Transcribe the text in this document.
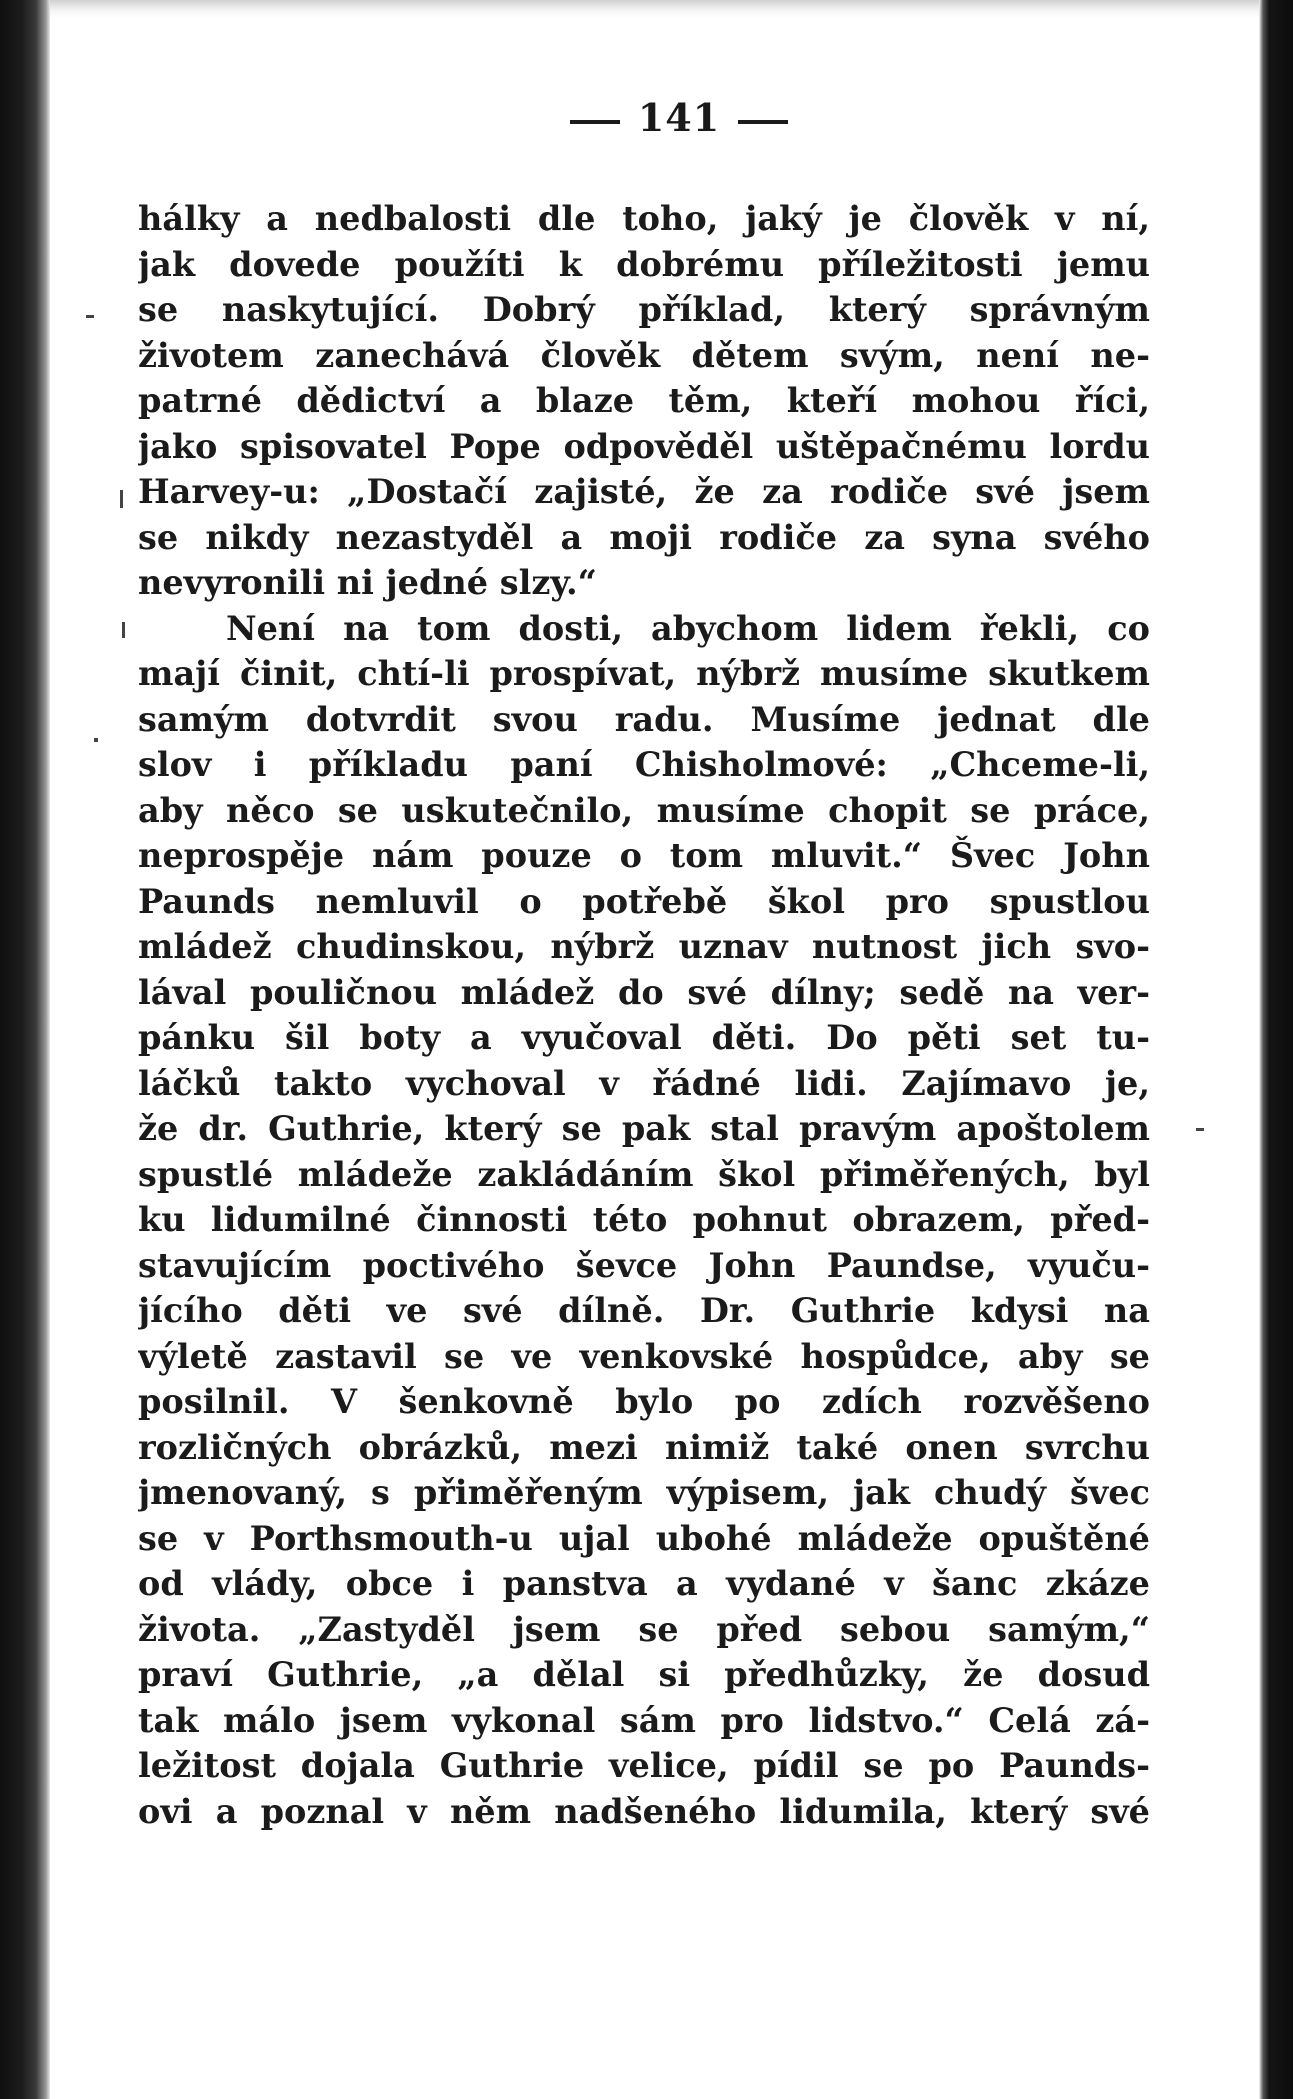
141
hálky a nedbalosti dle toho, jaký je člověk v ní,
jak dovede použíti k dobrému příležitosti jemu
se naskytující. Dobrý příklad, který správným
životem zanechává člověk dětem svým, není ne-
patrné dědictví a blaze těm, kteří mohou říci,
jako spisovatel Pope odpověděl uštěpačnému lordu
Harvey-u: „Dostačí zajisté, že za rodiče své jsem
se nikdy nezastyděl a moji rodiče za syna svého
nevyronili ni jedné slzy.“
Není na tom dosti, abychom lidem řekli, co
mají činit, chtí-li prospívat, nýbrž musíme skutkem
samým dotvrdit svou radu. Musíme jednat dle
slov i příkladu paní Chisholmové: „Chceme-li,
aby něco se uskutečnilo, musíme chopit se práce,
neprospěje nám pouze o tom mluvit.“ Švec John
Paunds nemluvil o potřebě škol pro spustlou
mládež chudinskou, nýbrž uznav nutnost jich svo-
lával pouličnou mládež do své dílny; sedě na ver-
pánku šil boty a vyučoval děti. Do pěti set tu-
láčků takto vychoval v řádné lidi. Zajímavo je,
že dr. Guthrie, který se pak stal pravým apoštolem
spustlé mládeže zakládáním škol přiměřených, byl
ku lidumilné činnosti této pohnut obrazem, před-
stavujícím poctivého ševce John Paundse, vyuču-
jícího děti ve své dílně. Dr. Guthrie kdysi na
výletě zastavil se ve venkovské hospůdce, aby se
posilnil. V šenkovně bylo po zdích rozvěšeno
rozličných obrázků, mezi nimiž také onen svrchu
jmenovaný, s přiměřeným výpisem, jak chudý švec
se v Porthsmouth-u ujal ubohé mládeže opuštěné
od vlády, obce i panstva a vydané v šanc zkáze
života. „Zastyděl jsem se před sebou samým,“
praví Guthrie, „a dělal si předhůzky, že dosud
tak málo jsem vykonal sám pro lidstvo.“ Celá zá-
ležitost dojala Guthrie velice, pídil se po Paunds-
ovi a poznal v něm nadšeného lidumila, který své
